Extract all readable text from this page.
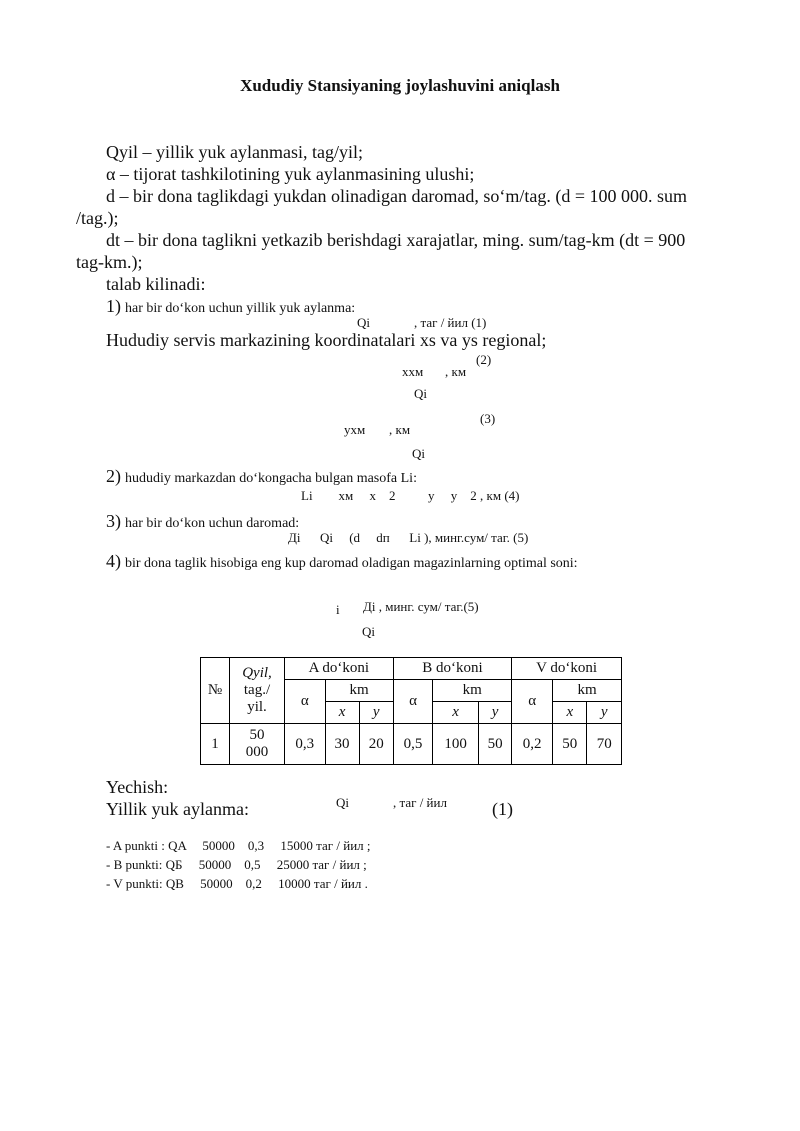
Xududiy Stansiyaning joylashuvini aniqlash
Qyil – yillik yuk aylanmasi, tag/yil;
α – tijorat tashkilotining yuk aylanmasining ulushi;
d – bir dona taglikdagi yukdan olinadigan daromad, so‘m/tag. (d = 100 000. sum
/tag.);
dt – bir dona taglikni yetkazib berishdagi xarajatlar, ming. sum/tag-km (dt = 900
tag-km.);
talab kilinadi:
1) har bir do‘kon uchun yillik yuk aylanma:
Qi	, таг / йил (1)
Hududiy servis markazining koordinatalari xs va ys regional;
(2)
xxм , км
Qi
(3)
yxм , км
Qi
2) hududiy markazdan do‘kongacha bulgan masofa Li:
Li        xм     x    2          y     y    2 , км (4)
3) har bir do‘kon uchun daromad:
Дi      Qi     (d     dп      Li ), минг.сум/ таг. (5)
4) bir dona taglik hisobiga eng kup daromad oladigan magazinlarning optimal soni:
i Дi , минг. сум/ таг.(5)
Qi
№	Qyil,
tag./
yil.	A do‘koni			B do‘koni			V do‘koni		
		α	km		α	km		α	km	
			x	y		x	y		x	y
1	50
000	0,3	30	20	0,5	100	50	0,2	50	70
Yechish:
Yillik yuk aylanma:	Qi	, таг / йил	(1)
- A punkti : QA     50000    0,3     15000 таг / йил ;
- B punkti: QБ     50000    0,5     25000 таг / йил ;
- V punkti: QВ     50000    0,2     10000 таг / йил .
